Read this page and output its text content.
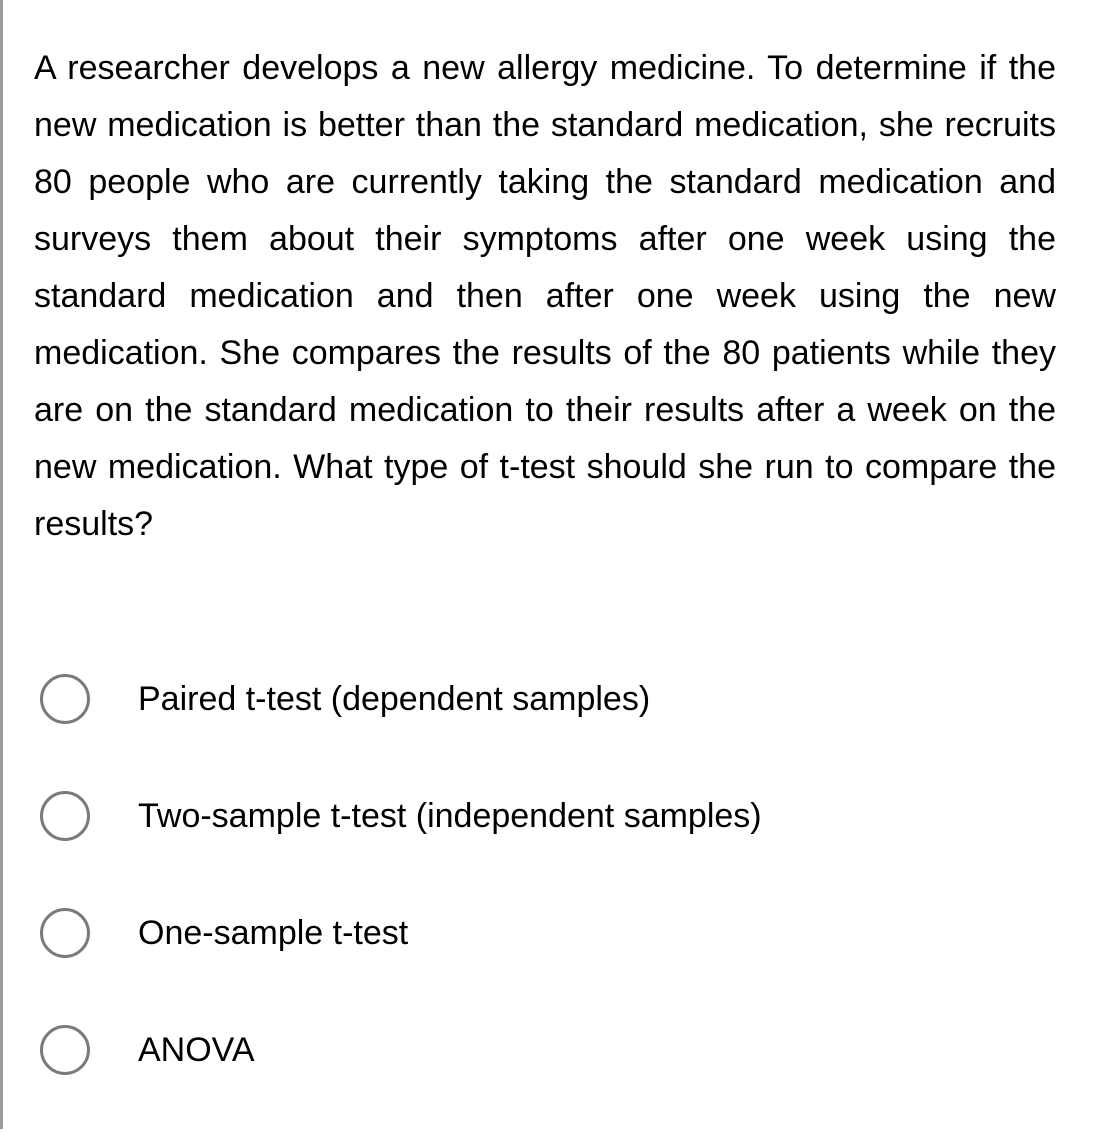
A researcher develops a new allergy medicine. To determine if the new medication is better than the standard medication, she recruits 80 people who are currently taking the standard medication and surveys them about their symptoms after one week using the standard medication and then after one week using the new medication. She compares the results of the 80 patients while they are on the standard medication to their results after a week on the new medication. What type of t-test should she run to compare the results?

Paired t-test (dependent samples)
Two-sample t-test (independent samples)
One-sample t-test
ANOVA
